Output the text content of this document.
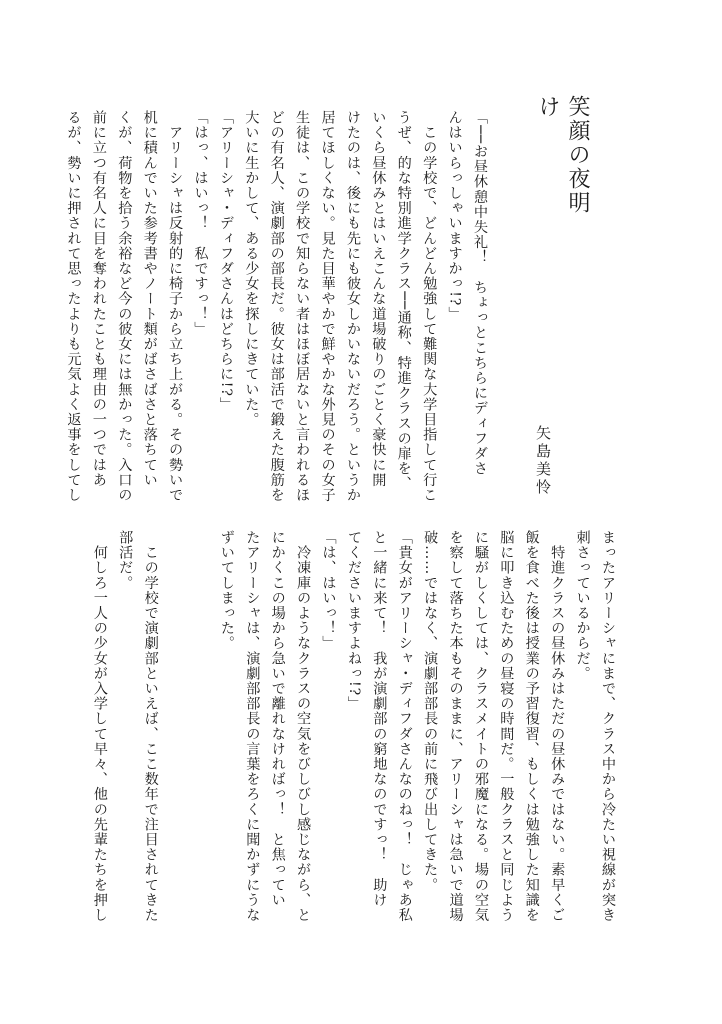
笑顔の夜明け
矢島美怜
「──お昼休憩中失礼！　ちょっとこちらにディフダさ
んはいらっしゃいますかっ!?」
　この学校で、どんどん勉強して難関な大学目指して行こ
うぜ、的な特別進学クラス──通称、特進クラスの扉を、
いくら昼休みとはいえこんな道場破りのごとく豪快に開
けたのは、後にも先にも彼女しかいないだろう。というか
居てほしくない。見た目華やかで鮮やかな外見のその女子
生徒は、この学校で知らない者はほぼ居ないと言われるほ
どの有名人、演劇部の部長だ。彼女は部活で鍛えた腹筋を
大いに生かして、ある少女を探しにきていた。
「アリーシャ・ディフダさんはどちらに!?」
「はっ、はいっ！　私ですっ！」
　アリーシャは反射的に椅子から立ち上がる。その勢いで
机に積んでいた参考書やノート類がばさばさと落ちてい
くが、荷物を拾う余裕など今の彼女には無かった。入口の
前に立つ有名人に目を奪われたことも理由の一つではあ
るが、勢いに押されて思ったよりも元気よく返事をしてし
まったアリーシャにまで、クラス中から冷たい視線が突き
刺さっているからだ。
　特進クラスの昼休みはただの昼休みではない。素早くご
飯を食べた後は授業の予習復習、もしくは勉強した知識を
脳に叩き込むための昼寝の時間だ。一般クラスと同じよう
に騒がしくしては、クラスメイトの邪魔になる。場の空気
を察して落ちた本もそのままに、アリーシャは急いで道場
破……ではなく、演劇部部長の前に飛び出してきた。
「貴女がアリーシャ・ディフダさんなのねっ！　じゃあ私
と一緒に来て！　我が演劇部の窮地なのですっ！　助け
てくださいますよねっ!?」
「は、はいっ！」
　冷凍庫のようなクラスの空気をびしびし感じながら、と
にかくこの場から急いで離れなければっ！　と焦ってい
たアリーシャは、演劇部部長の言葉をろくに聞かずにうな
ずいてしまった。

　この学校で演劇部といえば、ここ数年で注目されてきた
部活だ。
　何しろ一人の少女が入学して早々、他の先輩たちを押し
